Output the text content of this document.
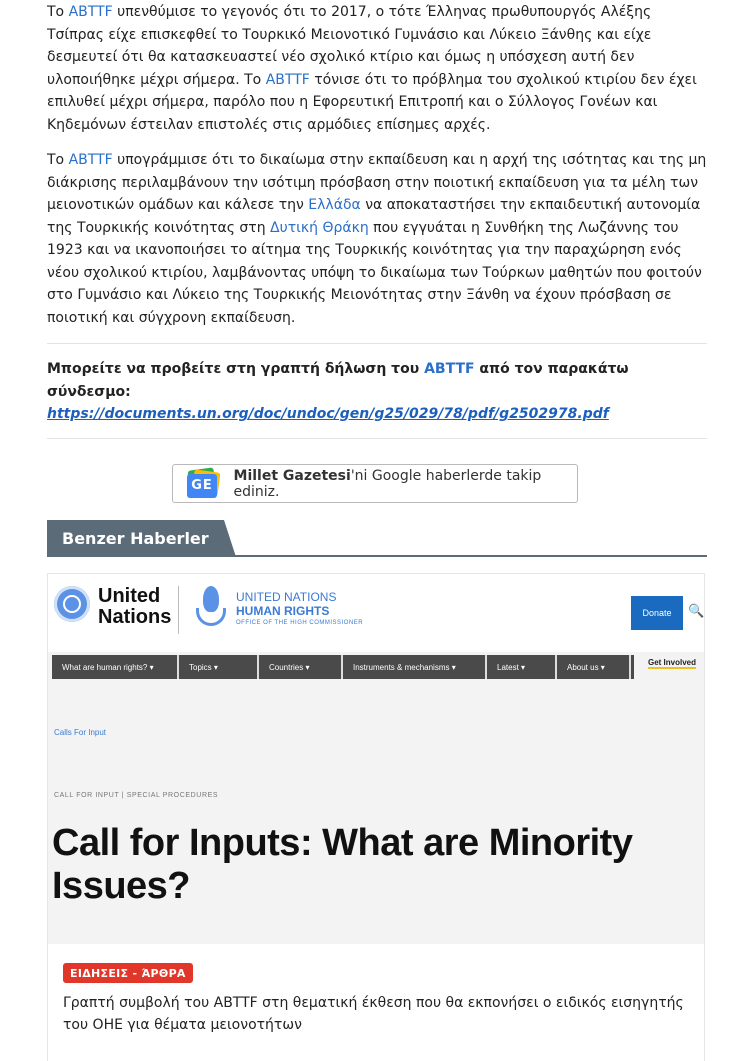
Το ABTTF υπενθύμισε το γεγονός ότι το 2017, ο τότε Έλληνας πρωθυπουργός Αλέξης Τσίπρας είχε επισκεφθεί το Τουρκικό Μειονοτικό Γυμνάσιο και Λύκειο Ξάνθης και είχε δεσμευτεί ότι θα κατασκευαστεί νέο σχολικό κτίριο και όμως η υπόσχεση αυτή δεν υλοποιήθηκε μέχρι σήμερα. Το ABTTF τόνισε ότι το πρόβλημα του σχολικού κτιρίου δεν έχει επιλυθεί μέχρι σήμερα, παρόλο που η Εφορευτική Επιτροπή και ο Σύλλογος Γονέων και Κηδεμόνων έστειλαν επιστολές στις αρμόδιες επίσημες αρχές.

Το ABTTF υπογράμμισε ότι το δικαίωμα στην εκπαίδευση και η αρχή της ισότητας και της μη διάκρισης περιλαμβάνουν την ισότιμη πρόσβαση στην ποιοτική εκπαίδευση για τα μέλη των μειονοτικών ομάδων και κάλεσε την Ελλάδα να αποκαταστήσει την εκπαιδευτική αυτονομία της Τουρκικής κοινότητας στη Δυτική Θράκη που εγγυάται η Συνθήκη της Λωζάννης του 1923 και να ικανοποιήσει το αίτημα της Τουρκικής κοινότητας για την παραχώρηση ενός νέου σχολικού κτιρίου, λαμβάνοντας υπόψη το δικαίωμα των Τούρκων μαθητών που φοιτούν στο Γυμνάσιο και Λύκειο της Τουρκικής Μειονότητας στην Ξάνθη να έχουν πρόσβαση σε ποιοτική και σύγχρονη εκπαίδευση.

Μπορείτε να προβείτε στη γραπτή δήλωση του ABTTF από τον παρακάτω σύνδεσμο:
https://documents.un.org/doc/undoc/gen/g25/029/78/pdf/g2502978.pdf
GE
Millet Gazetesi'ni Google haberlerde takip ediniz.
Benzer Haberler
United
Nations
UNITED NATIONS
HUMAN RIGHTS
OFFICE OF THE HIGH COMMISSIONER
Donate	🔍
What are human rights? ▾	Topics ▾	Countries ▾	Instruments & mechanisms ▾	Latest ▾	About us ▾	Get Involved
Calls For Input
CALL FOR INPUT | SPECIAL PROCEDURES
Call for Inputs: What are Minority Issues?
ΕΙΔΗΣΕΙΣ - ΆΡΘΡΑ
Γραπτή συμβολή του ABTTF στη θεματική έκθεση που θα εκπονήσει ο ειδικός εισηγητής του ΟΗΕ για θέματα μειονοτήτων
